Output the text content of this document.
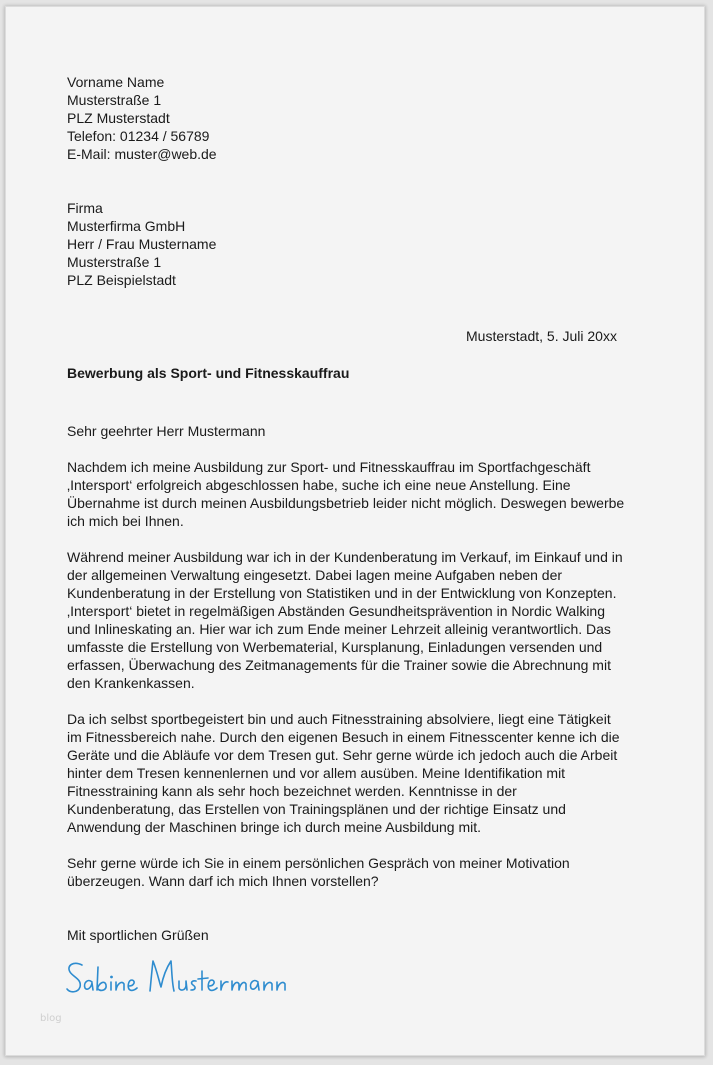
Vorname Name
Musterstraße 1
PLZ Musterstadt
Telefon: 01234 / 56789
E-Mail: muster@web.de
Firma
Musterfirma GmbH
Herr / Frau Mustername
Musterstraße 1
PLZ Beispielstadt
Musterstadt, 5. Juli 20xx
Bewerbung als Sport- und Fitnesskauffrau
Sehr geehrter Herr Mustermann
Nachdem ich meine Ausbildung zur Sport- und Fitnesskauffrau im Sportfachgeschäft
‚Intersport‘ erfolgreich abgeschlossen habe, suche ich eine neue Anstellung. Eine
Übernahme ist durch meinen Ausbildungsbetrieb leider nicht möglich. Deswegen bewerbe
ich mich bei Ihnen.
Während meiner Ausbildung war ich in der Kundenberatung im Verkauf, im Einkauf und in
der allgemeinen Verwaltung eingesetzt. Dabei lagen meine Aufgaben neben der
Kundenberatung in der Erstellung von Statistiken und in der Entwicklung von Konzepten.
‚Intersport‘ bietet in regelmäßigen Abständen Gesundheitsprävention in Nordic Walking
und Inlineskating an. Hier war ich zum Ende meiner Lehrzeit alleinig verantwortlich. Das
umfasste die Erstellung von Werbematerial, Kursplanung, Einladungen versenden und
erfassen, Überwachung des Zeitmanagements für die Trainer sowie die Abrechnung mit
den Krankenkassen.
Da ich selbst sportbegeistert bin und auch Fitnesstraining absolviere, liegt eine Tätigkeit
im Fitnessbereich nahe. Durch den eigenen Besuch in einem Fitnesscenter kenne ich die
Geräte und die Abläufe vor dem Tresen gut. Sehr gerne würde ich jedoch auch die Arbeit
hinter dem Tresen kennenlernen und vor allem ausüben. Meine Identifikation mit
Fitnesstraining kann als sehr hoch bezeichnet werden. Kenntnisse in der
Kundenberatung, das Erstellen von Trainingsplänen und der richtige Einsatz und
Anwendung der Maschinen bringe ich durch meine Ausbildung mit.
Sehr gerne würde ich Sie in einem persönlichen Gespräch von meiner Motivation
überzeugen. Wann darf ich mich Ihnen vorstellen?
Mit sportlichen Grüßen
blog
